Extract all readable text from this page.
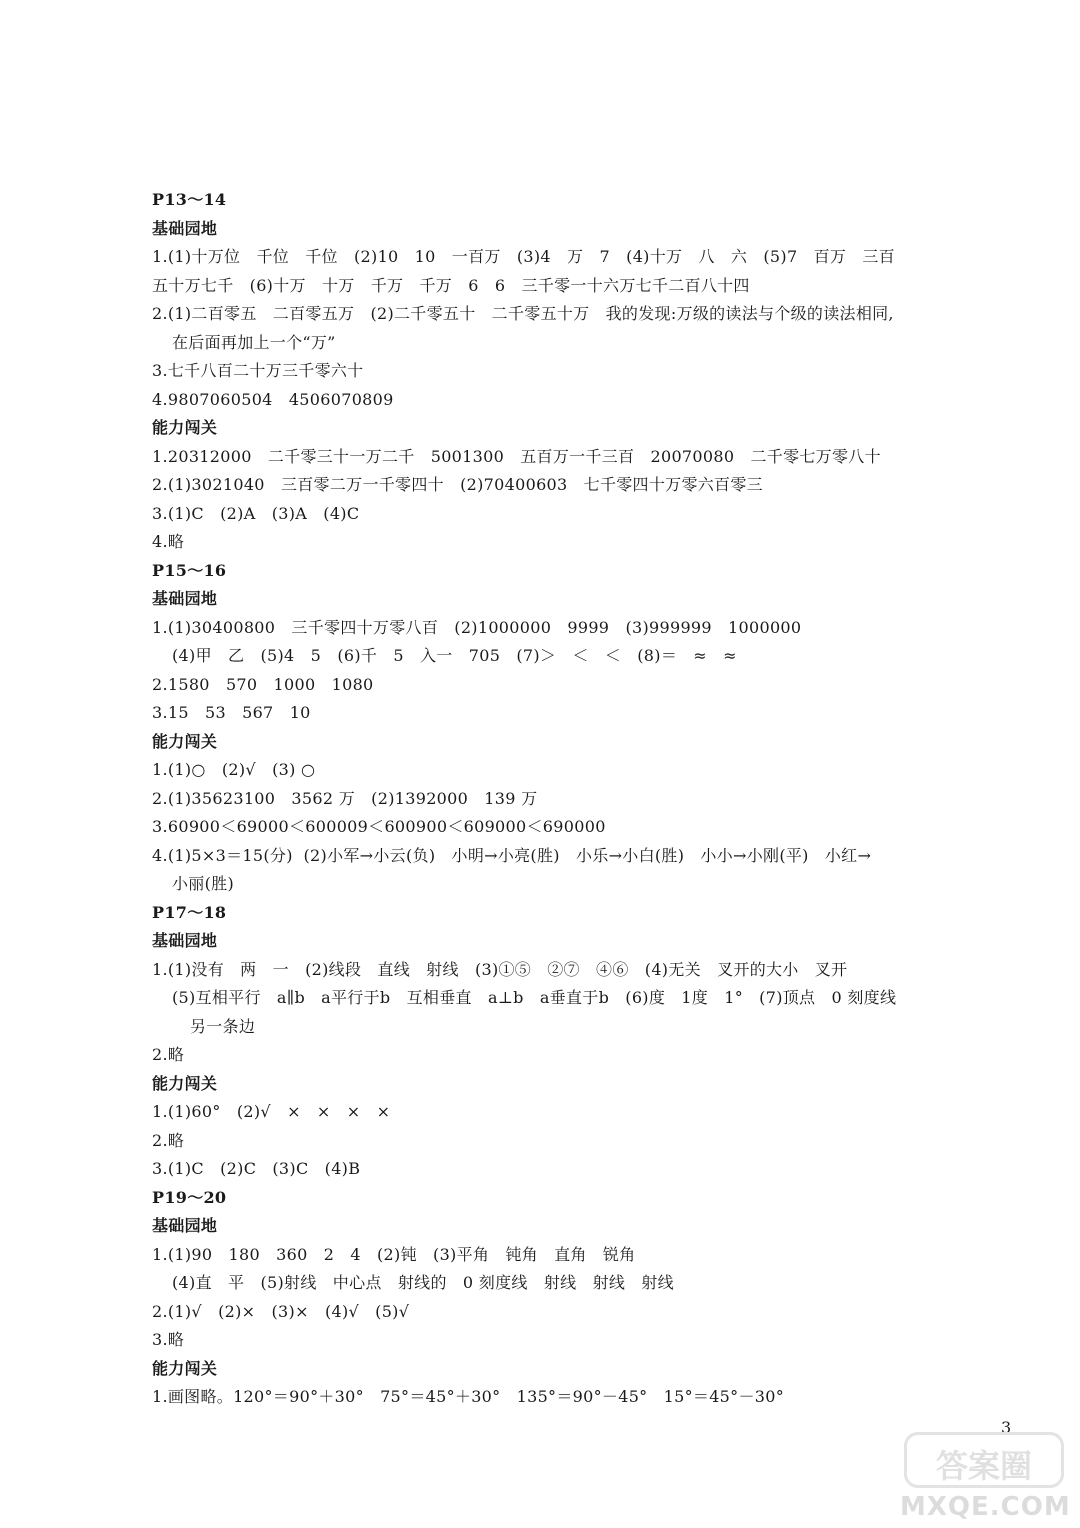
P13～14
基础园地
1.(1)十万位   千位   千位   (2)10   10   一百万   (3)4   万   7   (4)十万   八   六   (5)7   百万   三百
五十万七千   (6)十万   十万   千万   千万   6   6   三千零一十六万七千二百八十四
2.(1)二百零五   二百零五万   (2)二千零五十   二千零五十万   我的发现:万级的读法与个级的读法相同,
在后面再加上一个“万”
3.七千八百二十万三千零六十
4.9807060504   4506070809
能力闯关
1.20312000   二千零三十一万二千   5001300   五百万一千三百   20070080   二千零七万零八十
2.(1)3021040   三百零二万一千零四十   (2)70400603   七千零四十万零六百零三
3.(1)C   (2)A   (3)A   (4)C
4.略
P15～16
基础园地
1.(1)30400800   三千零四十万零八百   (2)1000000   9999   (3)999999   1000000
(4)甲   乙   (5)4   5   (6)千   5   入一   705   (7)＞   ＜   ＜   (8)＝   ≈   ≈
2.1580   570   1000   1080
3.15   53   567   10
能力闯关
1.(1)○   (2)√   (3) ○
2.(1)35623100   3562 万   (2)1392000   139 万
3.60900＜69000＜600009＜600900＜609000＜690000
4.(1)5×3＝15(分)  (2)小军→小云(负)   小明→小亮(胜)   小乐→小白(胜)   小小→小刚(平)   小红→
小丽(胜)
P17～18
基础园地
1.(1)没有   两   一   (2)线段   直线   射线   (3)①⑤   ②⑦   ④⑥   (4)无关   叉开的大小   叉开
(5)互相平行   a∥b   a平行于b   互相垂直   a⊥b   a垂直于b   (6)度   1度   1°   (7)顶点   0 刻度线
另一条边
2.略
能力闯关
1.(1)60°   (2)√   ×   ×   ×   ×
2.略
3.(1)C   (2)C   (3)C   (4)B
P19～20
基础园地
1.(1)90   180   360   2   4   (2)钝   (3)平角   钝角   直角   锐角
(4)直   平   (5)射线   中心点   射线的   0 刻度线   射线   射线   射线
2.(1)√   (2)×   (3)×   (4)√   (5)√
3.略
能力闯关
1.画图略。120°＝90°＋30°   75°＝45°＋30°   135°＝90°－45°   15°＝45°－30°
3
答案圈
MXQE.COM
